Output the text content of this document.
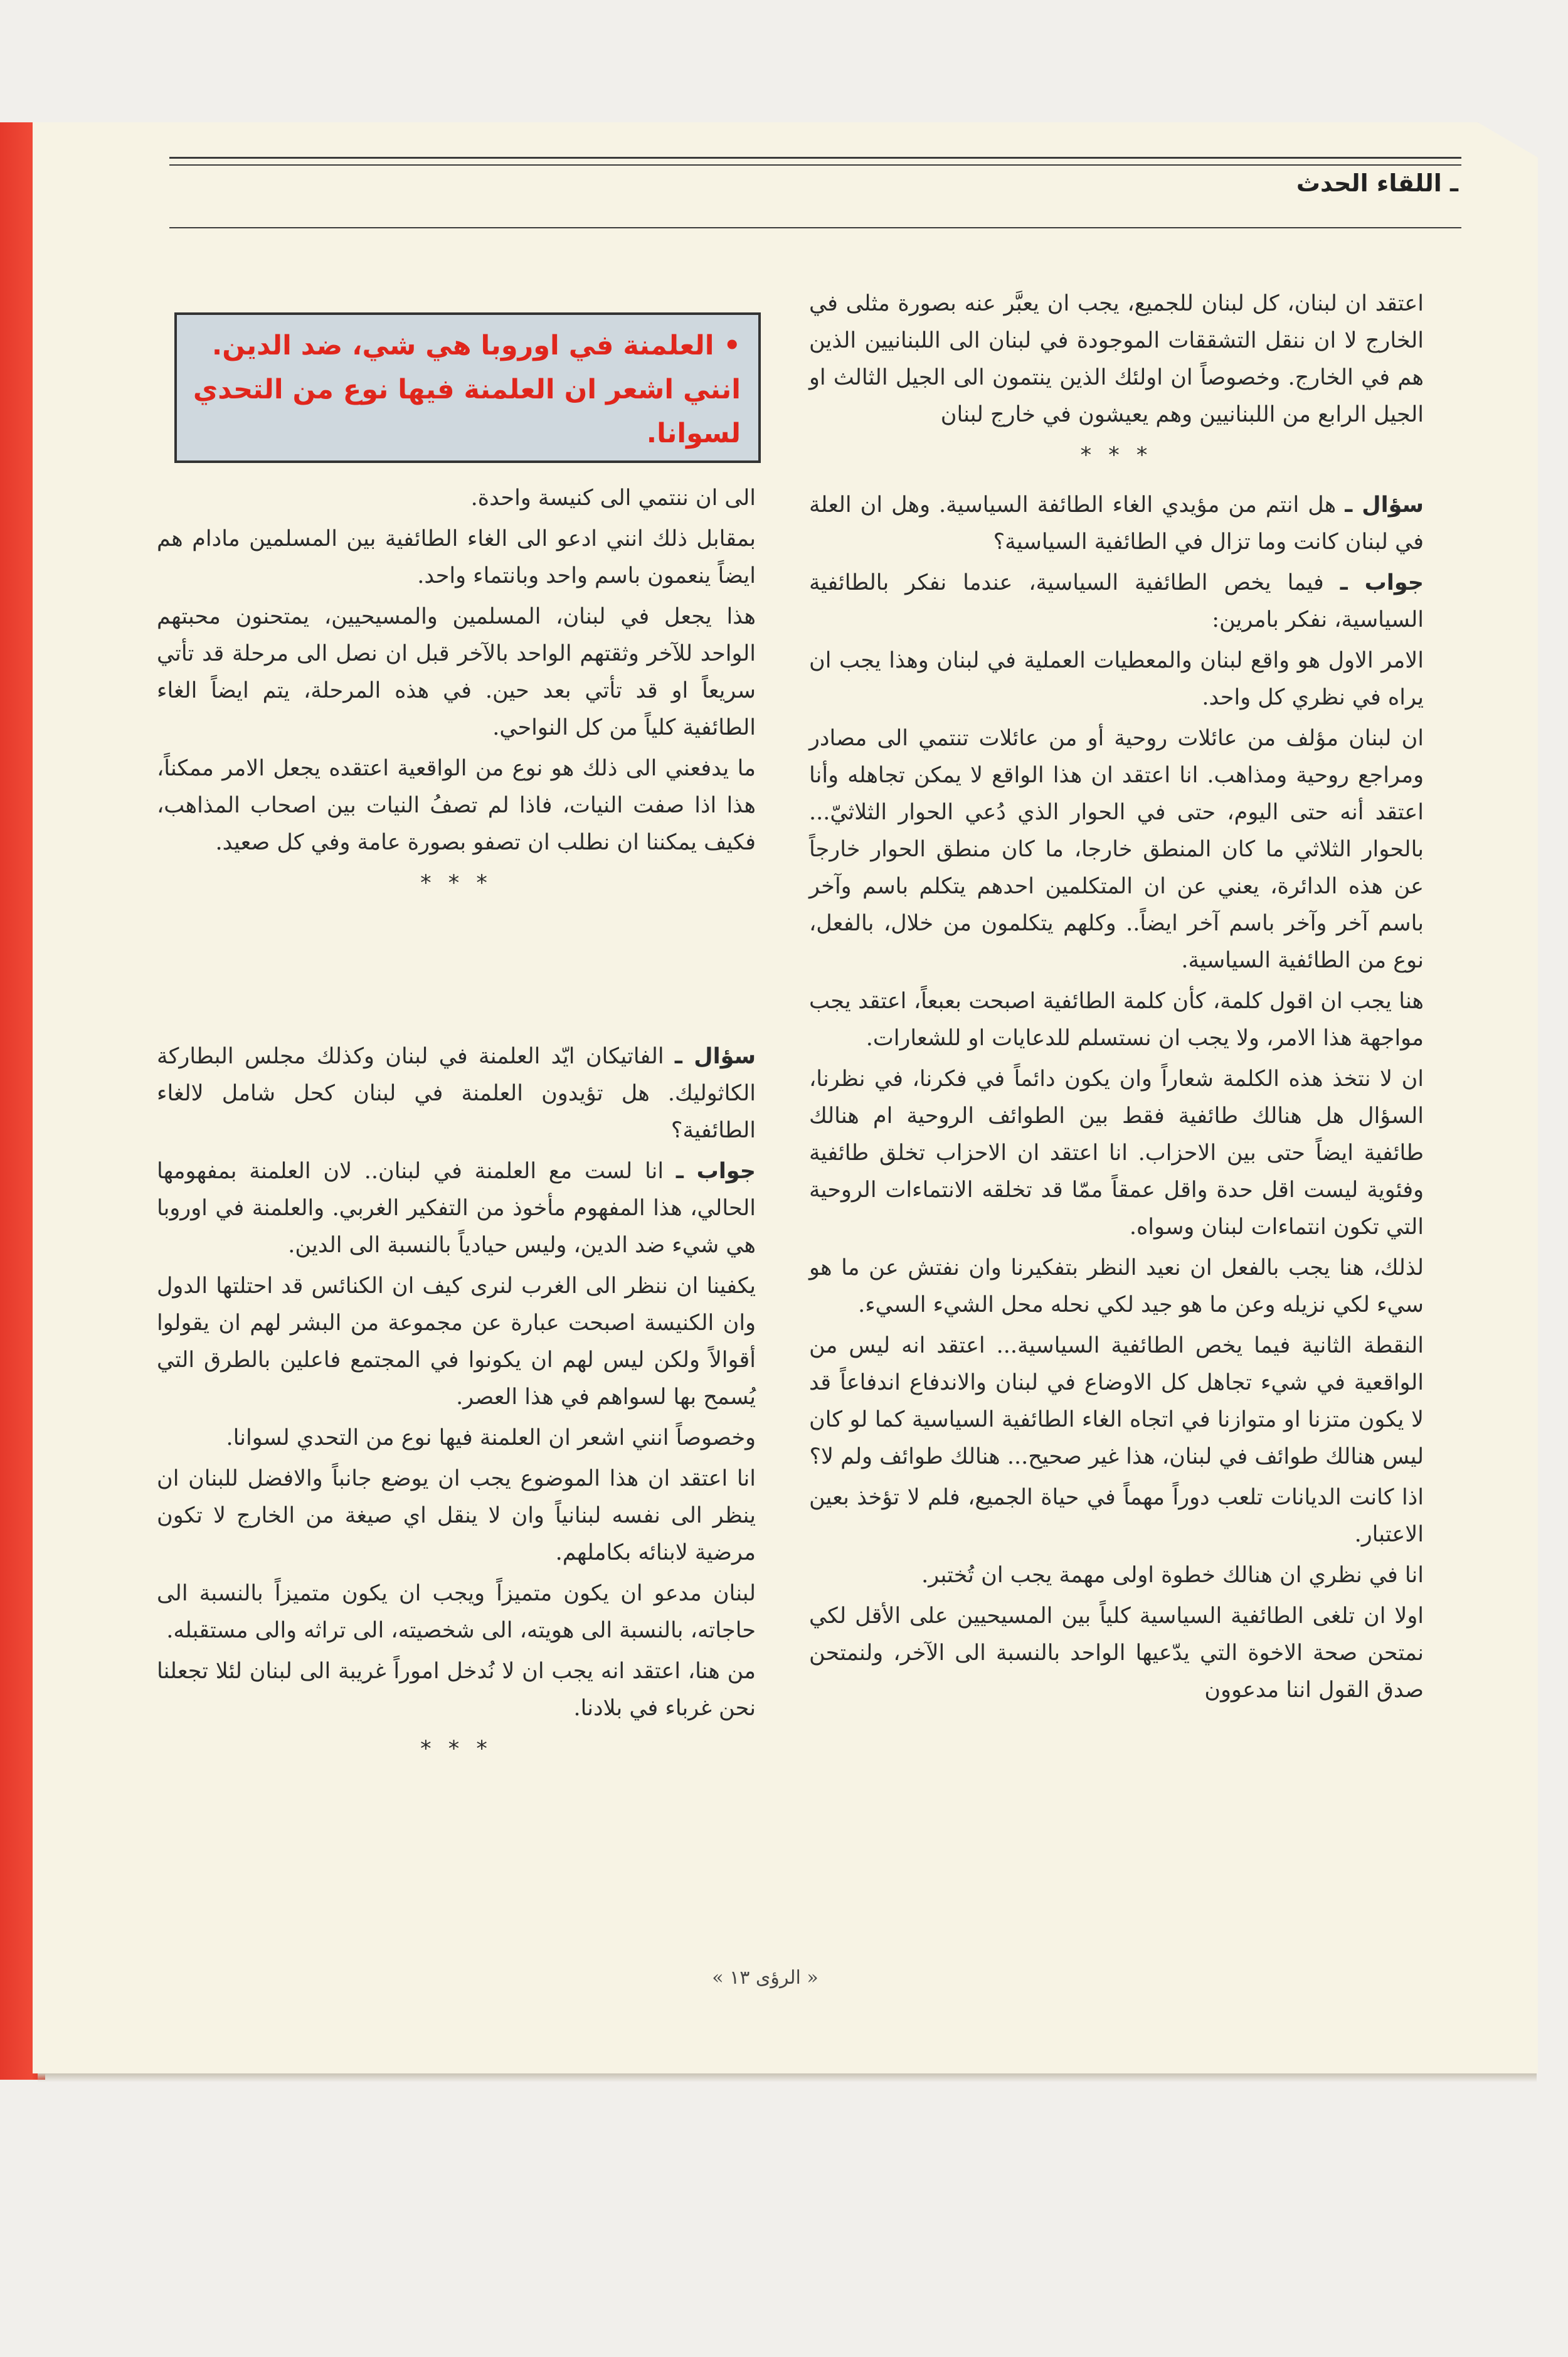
ـ اللقاء الحدث

اعتقد ان لبنان، كل لبنان للجميع، يجب ان يعبَّر عنه بصورة مثلى في الخارج لا ان ننقل التشققات الموجودة في لبنان الى اللبنانيين الذين هم في الخارج. وخصوصاً ان اولئك الذين ينتمون الى الجيل الثالث او الجيل الرابع من اللبنانيين وهم يعيشون في خارج لبنان

* * *

سؤال ـ هل انتم من مؤيدي الغاء الطائفة السياسية. وهل ان العلة في لبنان كانت وما تزال في الطائفية السياسية؟

جواب ـ فيما يخص الطائفية السياسية، عندما نفكر بالطائفية السياسية، نفكر بامرين:

الامر الاول هو واقع لبنان والمعطيات العملية في لبنان وهذا يجب ان يراه في نظري كل واحد.

ان لبنان مؤلف من عائلات روحية أو من عائلات تنتمي الى مصادر ومراجع روحية ومذاهب. انا اعتقد ان هذا الواقع لا يمكن تجاهله وأنا اعتقد أنه حتى اليوم، حتى في الحوار الذي دُعي الحوار الثلاثيّ... بالحوار الثلاثي ما كان المنطق خارجا، ما كان منطق الحوار خارجاً عن هذه الدائرة، يعني عن ان المتكلمين احدهم يتكلم باسم وآخر باسم آخر وآخر باسم آخر ايضاً.. وكلهم يتكلمون من خلال، بالفعل، نوع من الطائفية السياسية.

هنا يجب ان اقول كلمة، كأن كلمة الطائفية اصبحت بعبعاً، اعتقد يجب مواجهة هذا الامر، ولا يجب ان نستسلم للدعايات او للشعارات.

ان لا نتخذ هذه الكلمة شعاراً وان يكون دائماً في فكرنا، في نظرنا، السؤال هل هنالك طائفية فقط بين الطوائف الروحية ام هنالك طائفية ايضاً حتى بين الاحزاب. انا اعتقد ان الاحزاب تخلق طائفية وفئوية ليست اقل حدة واقل عمقاً ممّا قد تخلقه الانتماءات الروحية التي تكون انتماءات لبنان وسواه.

لذلك، هنا يجب بالفعل ان نعيد النظر بتفكيرنا وان نفتش عن ما هو سيء لكي نزيله وعن ما هو جيد لكي نحله محل الشيء السيء.

النقطة الثانية فيما يخص الطائفية السياسية... اعتقد انه ليس من الواقعية في شيء تجاهل كل الاوضاع في لبنان والاندفاع اندفاعاً قد لا يكون متزنا او متوازنا في اتجاه الغاء الطائفية السياسية كما لو كان ليس هنالك طوائف في لبنان، هذا غير صحيح... هنالك طوائف ولم لا؟

اذا كانت الديانات تلعب دوراً مهماً في حياة الجميع، فلم لا تؤخذ بعين الاعتبار.

انا في نظري ان هنالك خطوة اولى مهمة يجب ان تُختبر.

اولا ان تلغى الطائفية السياسية كلياً بين المسيحيين على الأقل لكي نمتحن صحة الاخوة التي يدّعيها الواحد بالنسبة الى الآخر، ولنمتحن صدق القول اننا مدعوون

• العلمنة في اوروبا هي شي، ضد الدين. انني اشعر ان العلمنة فيها نوع من التحدي لسوانا.

الى ان ننتمي الى كنيسة واحدة.

بمقابل ذلك انني ادعو الى الغاء الطائفية بين المسلمين مادام هم ايضاً ينعمون باسم واحد وبانتماء واحد.

هذا يجعل في لبنان، المسلمين والمسيحيين، يمتحنون محبتهم الواحد للآخر وثقتهم الواحد بالآخر قبل ان نصل الى مرحلة قد تأتي سريعاً او قد تأتي بعد حين. في هذه المرحلة، يتم ايضاً الغاء الطائفية كلياً من كل النواحي.

ما يدفعني الى ذلك هو نوع من الواقعية اعتقده يجعل الامر ممكناً، هذا اذا صفت النيات، فاذا لم تصفُ النيات بين اصحاب المذاهب، فكيف يمكننا ان نطلب ان تصفو بصورة عامة وفي كل صعيد.

* * *

سؤال ـ الفاتيكان ايّد العلمنة في لبنان وكذلك مجلس البطاركة الكاثوليك. هل تؤيدون العلمنة في لبنان كحل شامل لالغاء الطائفية؟

جواب ـ انا لست مع العلمنة في لبنان.. لان العلمنة بمفهومها الحالي، هذا المفهوم مأخوذ من التفكير الغربي. والعلمنة في اوروبا هي شيء ضد الدين، وليس حيادياً بالنسبة الى الدين.

يكفينا ان ننظر الى الغرب لنرى كيف ان الكنائس قد احتلتها الدول وان الكنيسة اصبحت عبارة عن مجموعة من البشر لهم ان يقولوا أقوالاً ولكن ليس لهم ان يكونوا في المجتمع فاعلين بالطرق التي يُسمح بها لسواهم في هذا العصر.

وخصوصاً انني اشعر ان العلمنة فيها نوع من التحدي لسوانا.

انا اعتقد ان هذا الموضوع يجب ان يوضع جانباً والافضل للبنان ان ينظر الى نفسه لبنانياً وان لا ينقل اي صيغة من الخارج لا تكون مرضية لابنائه بكاملهم.

لبنان مدعو ان يكون متميزاً ويجب ان يكون متميزاً بالنسبة الى حاجاته، بالنسبة الى هويته، الى شخصيته، الى تراثه والى مستقبله.

من هنا، اعتقد انه يجب ان لا نُدخل اموراً غريبة الى لبنان لئلا تجعلنا نحن غرباء في بلادنا.

* * *
« الرؤى ١٣ »
